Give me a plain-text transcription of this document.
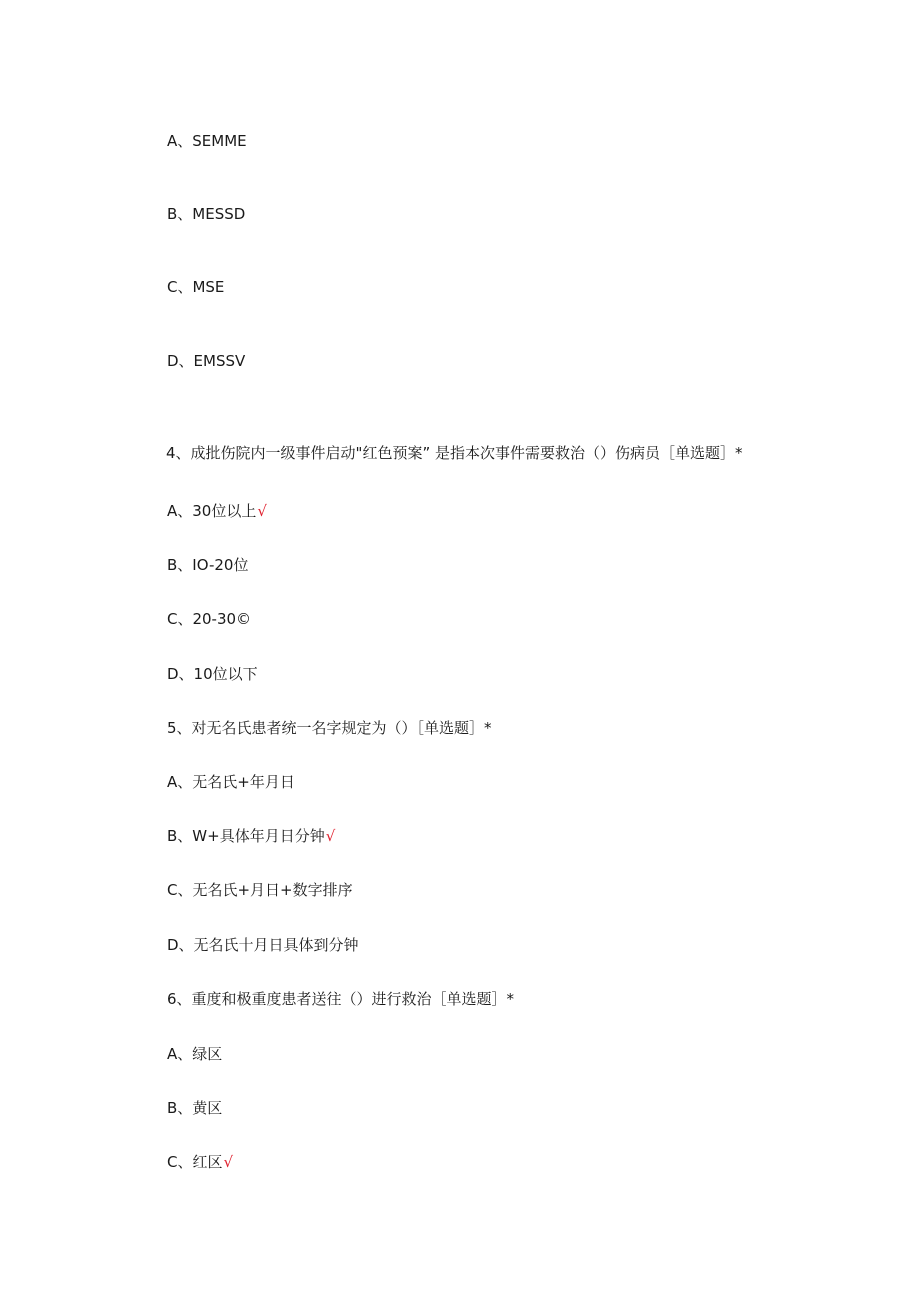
A、SEMME
B、MESSD
C、MSE
D、EMSSV
4、成批伤院内一级事件启动"红色预案” 是指本次事件需要救治（）伤病员［单选题］*
A、30位以上√
B、IO-20位
C、20-30©
D、10位以下
5、对无名氏患者统一名字规定为（）［单选题］*
A、无名氏+年月日
B、W+具体年月日分钟√
C、无名氏+月日+数字排序
D、无名氏十月日具体到分钟
6、重度和极重度患者送往（）进行救治［单选题］*
A、绿区
B、黄区
C、红区√
